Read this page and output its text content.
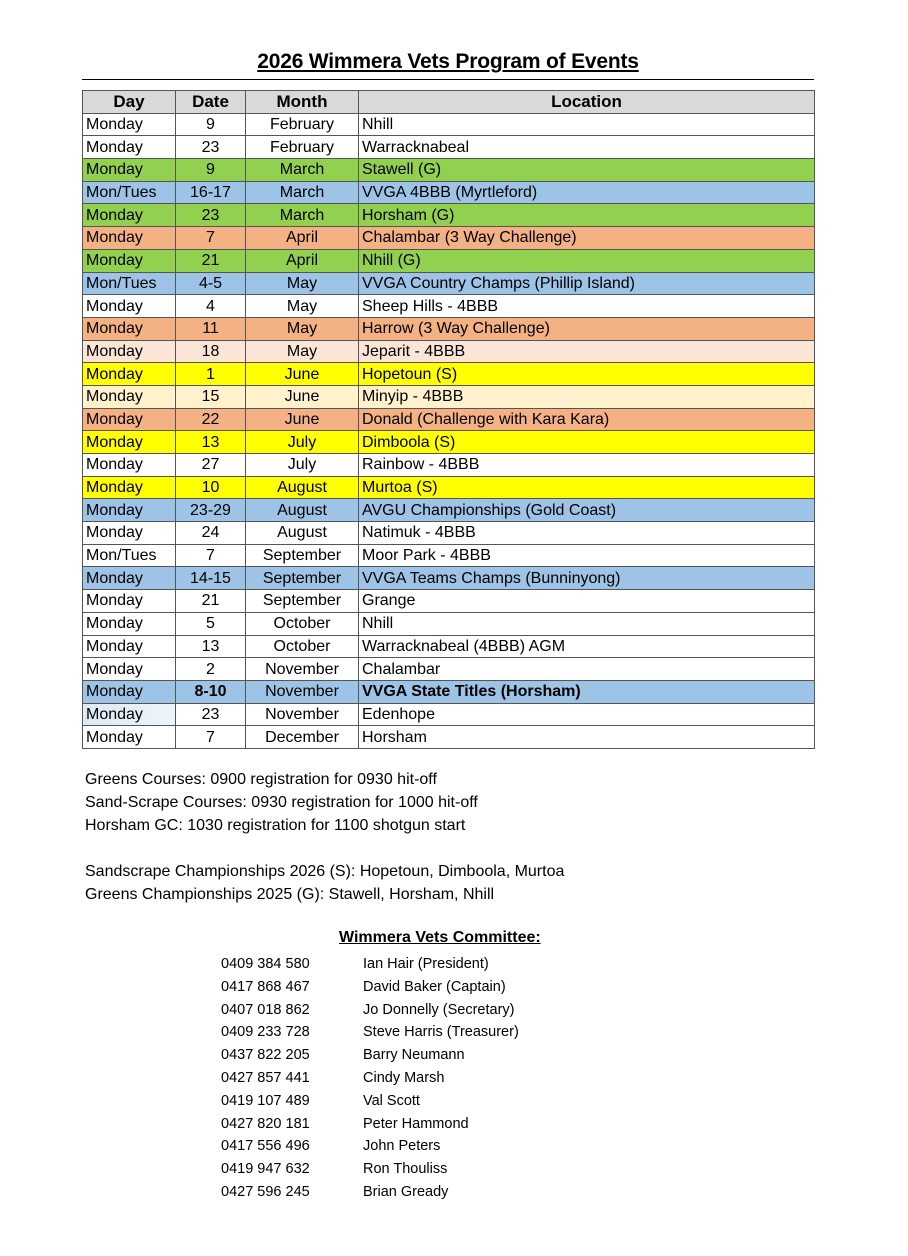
2026 Wimmera Vets Program of Events
Day	Date	Month	Location
Monday	9	February	Nhill
Monday	23	February	Warracknabeal
Monday	9	March	Stawell (G)
Mon/Tues	16-17	March	VVGA 4BBB (Myrtleford)
Monday	23	March	Horsham (G)
Monday	7	April	Chalambar (3 Way Challenge)
Monday	21	April	Nhill (G)
Mon/Tues	4-5	May	VVGA Country Champs (Phillip Island)
Monday	4	May	Sheep Hills - 4BBB
Monday	11	May	Harrow (3 Way Challenge)
Monday	18	May	Jeparit - 4BBB
Monday	1	June	Hopetoun (S)
Monday	15	June	Minyip - 4BBB
Monday	22	June	Donald (Challenge with Kara Kara)
Monday	13	July	Dimboola (S)
Monday	27	July	Rainbow - 4BBB
Monday	10	August	Murtoa (S)
Monday	23-29	August	AVGU Championships (Gold Coast)
Monday	24	August	Natimuk - 4BBB
Mon/Tues	7	September	Moor Park - 4BBB
Monday	14-15	September	VVGA Teams Champs (Bunninyong)
Monday	21	September	Grange
Monday	5	October	Nhill
Monday	13	October	Warracknabeal (4BBB) AGM
Monday	2	November	Chalambar
Monday	8-10	November	VVGA State Titles (Horsham)
Monday	23	November	Edenhope
Monday	7	December	Horsham
Greens Courses: 0900 registration for 0930 hit-off
Sand-Scrape Courses: 0930 registration for 1000 hit-off
Horsham GC: 1030 registration for 1100 shotgun start
Sandscrape Championships 2026 (S): Hopetoun, Dimboola, Murtoa
Greens Championships 2025 (G): Stawell, Horsham, Nhill
Wimmera Vets Committee:
0409 384 580	Ian Hair (President)
0417 868 467	David Baker (Captain)
0407 018 862	Jo Donnelly (Secretary)
0409 233 728	Steve Harris (Treasurer)
0437 822 205	Barry Neumann
0427 857 441	Cindy Marsh
0419 107 489	Val Scott
0427 820 181	Peter Hammond
0417 556 496	John Peters
0419 947 632	Ron Thouliss
0427 596 245	Brian Gready
